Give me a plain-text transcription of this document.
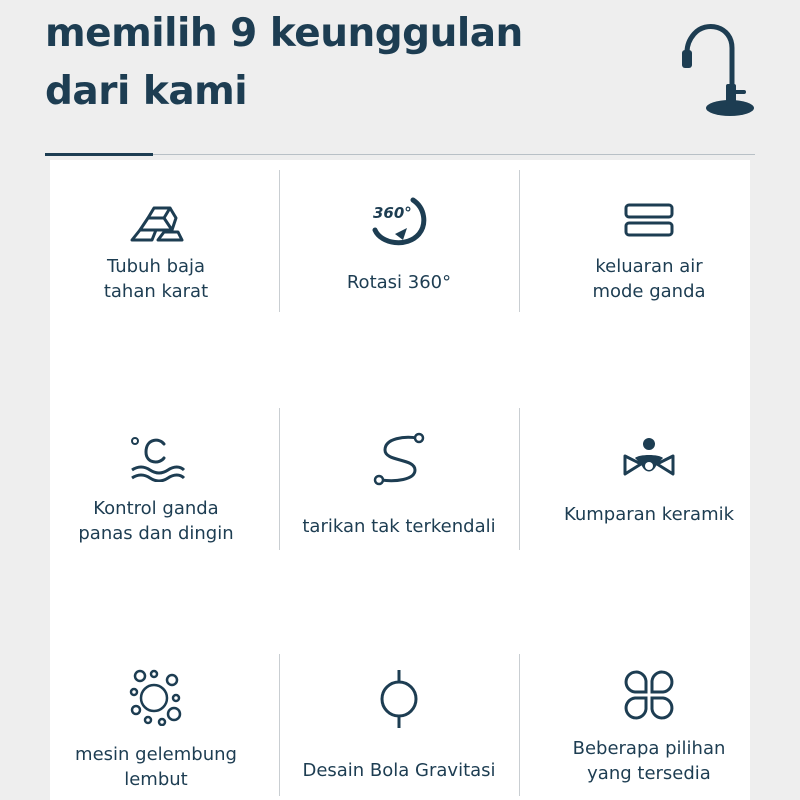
memilih 9 keunggulan
dari kami
Tubuh baja
tahan karat
360°
Rotasi 360°
keluaran air
mode ganda
Kontrol ganda
panas dan dingin	tarikan tak terkendali
Kumparan keramik
mesin gelembung
lembut	Desain Bola Gravitasi
Beberapa pilihan
yang tersedia
